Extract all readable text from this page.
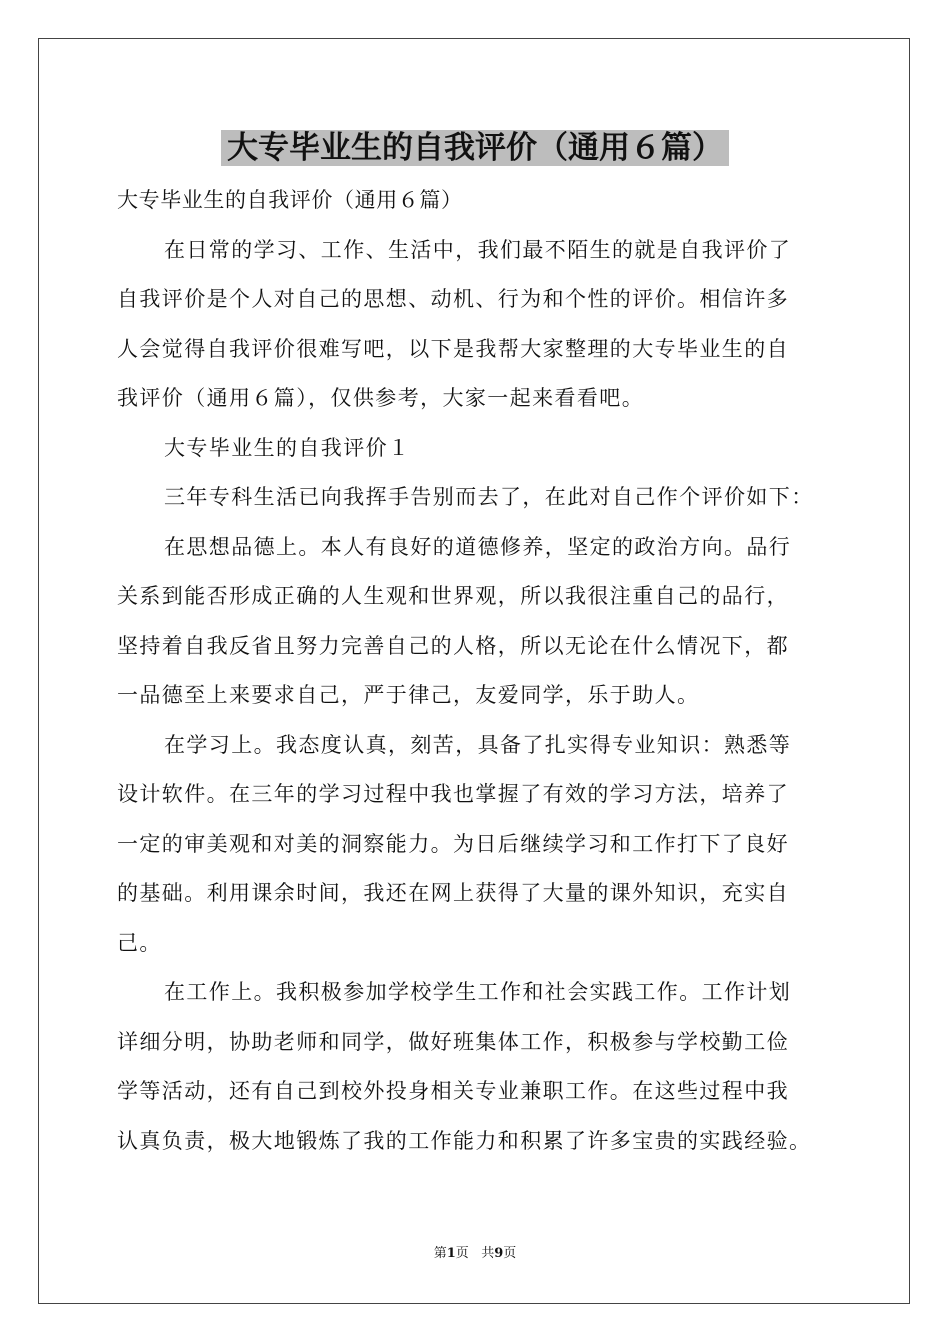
大专毕业生的自我评价（通用６篇）
大专毕业生的自我评价（通用６篇）
在日常的学习、工作、生活中，我们最不陌生的就是自我评价了
自我评价是个人对自己的思想、动机、行为和个性的评价。相信许多
人会觉得自我评价很难写吧，以下是我帮大家整理的大专毕业生的自
我评价（通用６篇），仅供参考，大家一起来看看吧。
大专毕业生的自我评价１
三年专科生活已向我挥手告别而去了，在此对自己作个评价如下：
在思想品德上。本人有良好的道德修养，坚定的政治方向。品行
关系到能否形成正确的人生观和世界观，所以我很注重自己的品行，
坚持着自我反省且努力完善自己的人格，所以无论在什么情况下，都
一品德至上来要求自己，严于律己，友爱同学，乐于助人。
在学习上。我态度认真，刻苦，具备了扎实得专业知识：熟悉等
设计软件。在三年的学习过程中我也掌握了有效的学习方法，培养了
一定的审美观和对美的洞察能力。为日后继续学习和工作打下了良好
的基础。利用课余时间，我还在网上获得了大量的课外知识，充实自
己。
在工作上。我积极参加学校学生工作和社会实践工作。工作计划
详细分明，协助老师和同学，做好班集体工作，积极参与学校勤工俭
学等活动，还有自己到校外投身相关专业兼职工作。在这些过程中我
认真负责，极大地锻炼了我的工作能力和积累了许多宝贵的实践经验。
第1页 共9页
